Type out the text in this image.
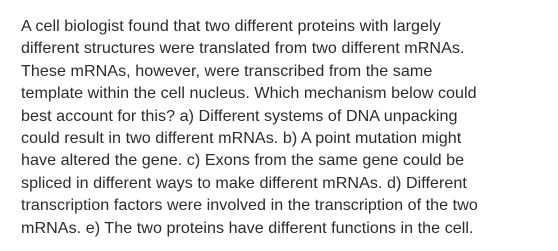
A cell biologist found that two different proteins with largely
different structures were translated from two different mRNAs.
These mRNAs, however, were transcribed from the same
template within the cell nucleus. Which mechanism below could
best account for this? a) Different systems of DNA unpacking
could result in two different mRNAs. b) A point mutation might
have altered the gene. c) Exons from the same gene could be
spliced in different ways to make different mRNAs. d) Different
transcription factors were involved in the transcription of the two
mRNAs. e) The two proteins have different functions in the cell.
